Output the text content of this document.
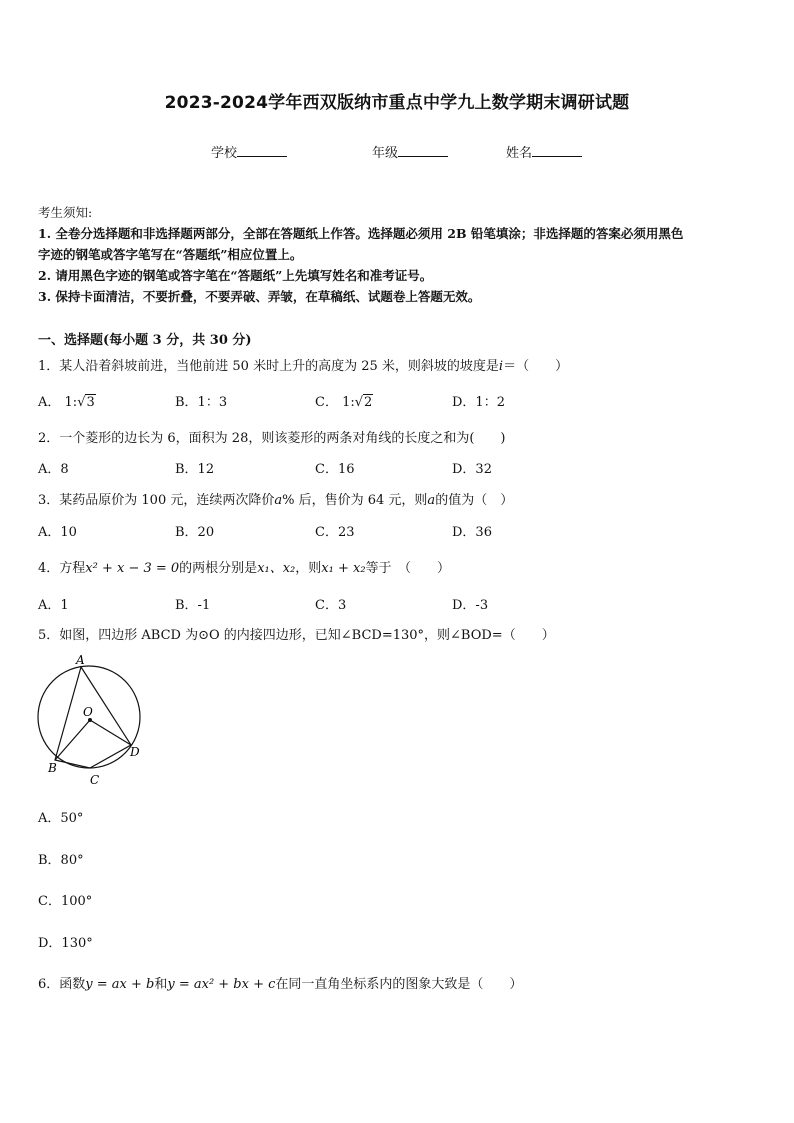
2023-2024学年西双版纳市重点中学九上数学期末调研试题
学校	年级	姓名
考生须知:
1. 全卷分选择题和非选择题两部分，全部在答题纸上作答。选择题必须用 2B 铅笔填涂；非选择题的答案必须用黑色
字迹的钢笔或答字笔写在“答题纸”相应位置上。
2. 请用黑色字迹的钢笔或答字笔在“答题纸”上先填写姓名和准考证号。
3. 保持卡面清洁，不要折叠，不要弄破、弄皱，在草稿纸、试题卷上答题无效。
一、选择题(每小题 3 分，共 30 分)
1．某人沿着斜坡前进，当他前进 50 米时上升的高度为 25 米，则斜坡的坡度是i＝（　　）
A． 1:√3	B．1：3	C． 1:√2	D．1：2
2．一个菱形的边长为 6，面积为 28，则该菱形的两条对角线的长度之和为(　　)
A．8	B．12	C．16	D．32
3．某药品原价为 100 元，连续两次降价a% 后，售价为 64 元，则a的值为（　）
A．10	B．20	C．23	D．36
4．方程x² + x − 3 = 0的两根分别是x₁、x₂，则x₁ + x₂等于　（　　）
A．1	B．-1	C．3	D．-3
5．如图，四边形 ABCD 为⊙O 的内接四边形，已知∠BCD=130°，则∠BOD=（　　）
A
O
B
C
D
A．50°
B．80°
C．100°
D．130°
6．函数y = ax + b和y = ax² + bx + c在同一直角坐标系内的图象大致是（　　）
